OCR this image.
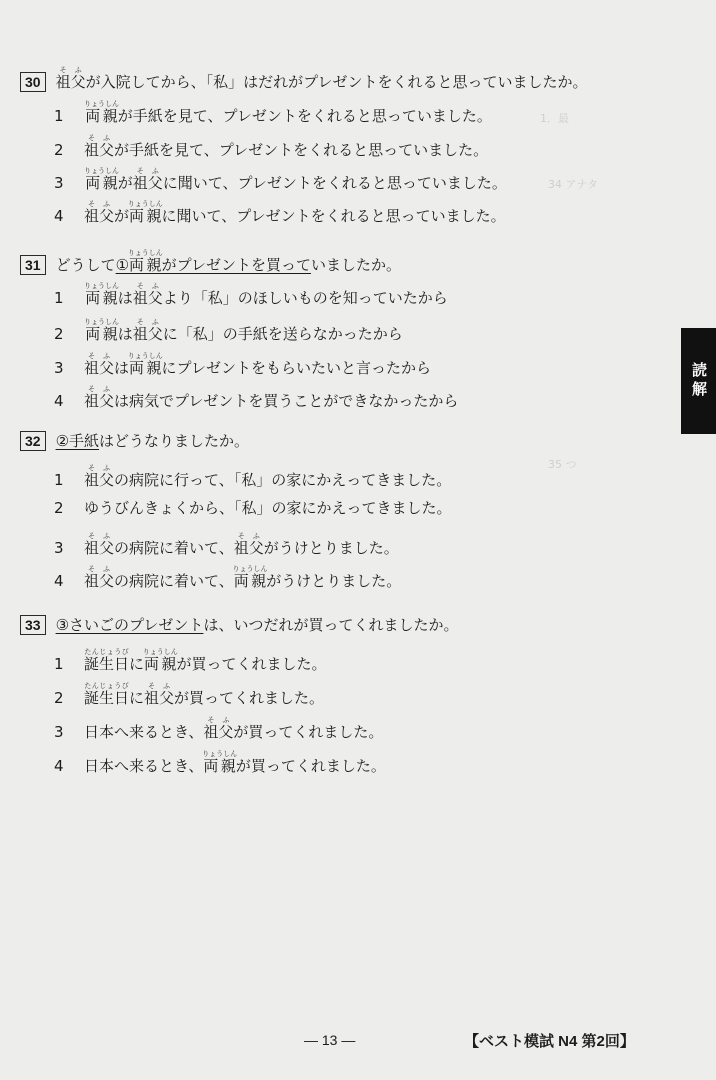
1．最
34 アナタ
35 つ
30 祖父そふが入院してから、「私」はだれがプレゼントをくれると思っていましたか。
1 両親りょうしんが手紙を見て、プレゼントをくれると思っていました。
2 祖父そふが手紙を見て、プレゼントをくれると思っていました。
3 両親りょうしんが祖父そふに聞いて、プレゼントをくれると思っていました。
4 祖父そふが両親りょうしんに聞いて、プレゼントをくれると思っていました。
31 どうして①両親りょうしんがプレゼントを買っていましたか。
1 両親りょうしんは祖父そふより「私」のほしいものを知っていたから
2 両親りょうしんは祖父そふに「私」の手紙を送らなかったから
3 祖父そふは両親りょうしんにプレゼントをもらいたいと言ったから
4 祖父そふは病気でプレゼントを買うことができなかったから
32 ②手紙はどうなりましたか。
1 祖父そふの病院に行って、「私」の家にかえってきました。
2 ゆうびんきょくから、「私」の家にかえってきました。
3 祖父そふの病院に着いて、祖父そふがうけとりました。
4 祖父そふの病院に着いて、両親りょうしんがうけとりました。
33 ③さいごのプレゼントは、いつだれが買ってくれましたか。
1 誕生日たんじょうびに両親りょうしんが買ってくれました。
2 誕生日たんじょうびに祖父そふが買ってくれました。
3 日本へ来るとき、祖父そふが買ってくれました。
4 日本へ来るとき、両親りょうしんが買ってくれました。
読解
— 13 —	【ベスト模試 N4 第2回】
